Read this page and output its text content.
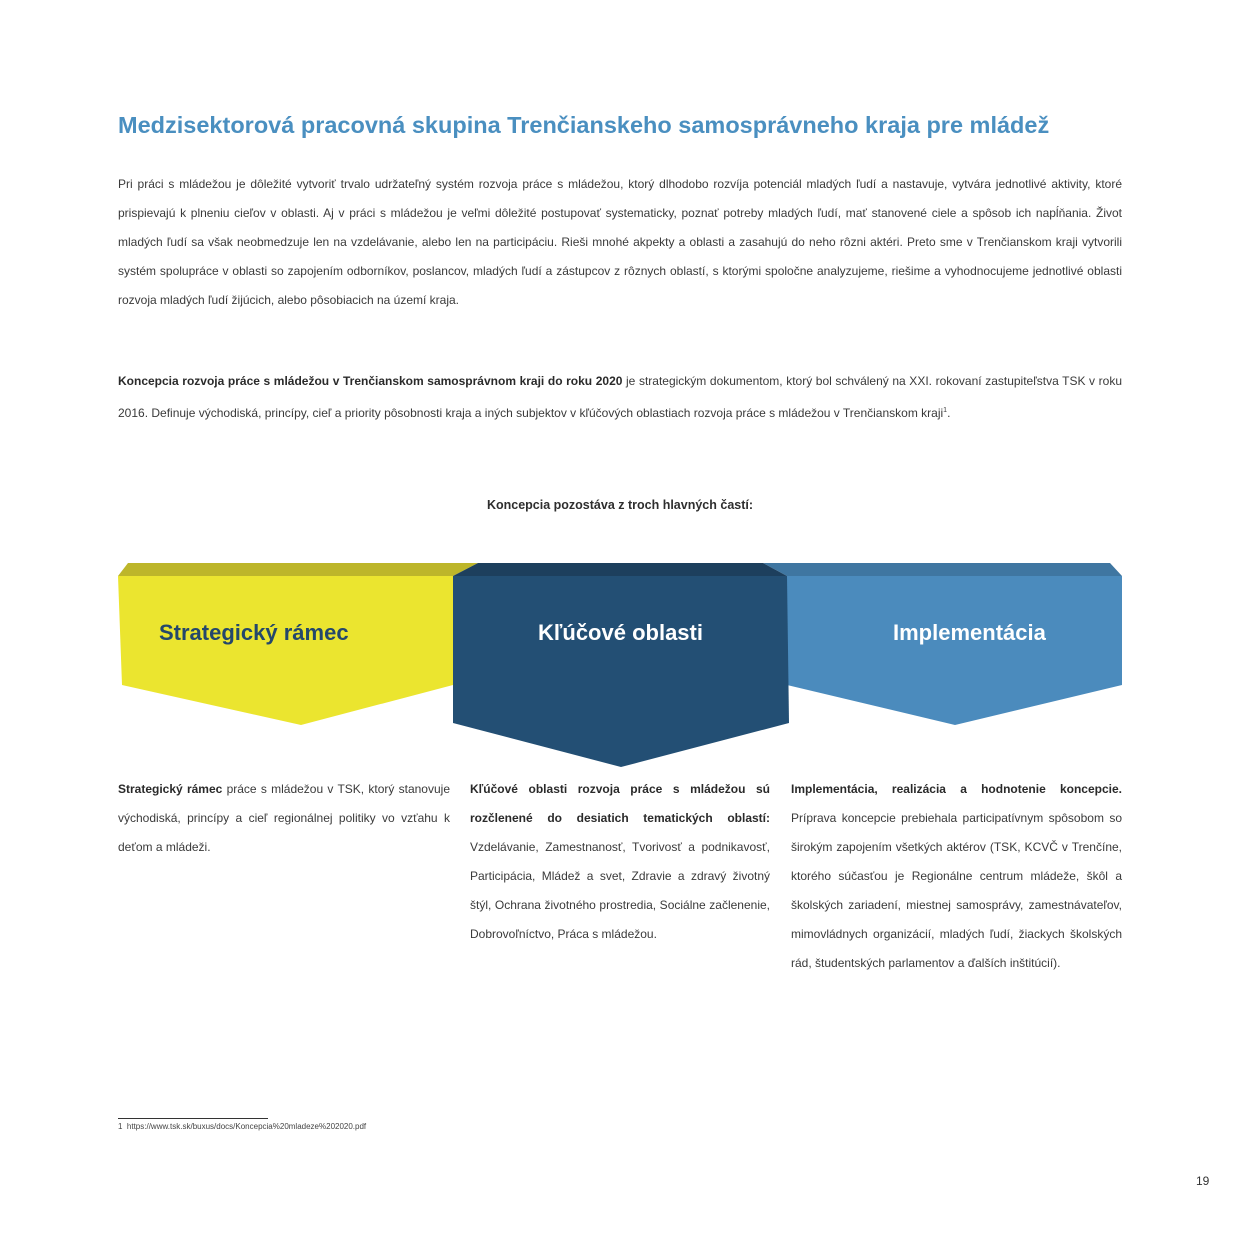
Medzisektorová pracovná skupina Trenčianskeho samosprávneho kraja pre mládež

Pri práci s mládežou je dôležité vytvoriť trvalo udržateľný systém rozvoja práce s mládežou, ktorý dlhodobo rozvíja potenciál mladých ľudí a nastavuje, vytvára jednotlivé aktivity, ktoré prispievajú k plneniu cieľov v oblasti. Aj v práci s mládežou je veľmi dôležité postupovať systematicky, poznať potreby mladých ľudí, mať stanovené ciele a spôsob ich napĺňania. Život mladých ľudí sa však neobmedzuje len na vzdelávanie, alebo len na participáciu. Rieši mnohé akpekty a oblasti a zasahujú do neho rôzni aktéri. Preto sme v Trenčianskom kraji vytvorili systém spolupráce v oblasti so zapojením odborníkov, poslancov, mladých ľudí a zástupcov z rôznych oblastí, s ktorými spoločne analyzujeme, riešime a vyhodnocujeme jednotlivé oblasti rozvoja mladých ľudí žijúcich, alebo pôsobiacich na území kraja.

Koncepcia rozvoja práce s mládežou v Trenčianskom samosprávnom kraji do roku 2020 je strategickým dokumentom, ktorý bol schválený na XXI. rokovaní zastupiteľstva TSK v roku 2016. Definuje východiská, princípy, cieľ a priority pôsobnosti kraja a iných subjektov v kľúčových oblastiach rozvoja práce s mládežou v Trenčianskom kraji$^1$.

Koncepcia pozostáva z troch hlavných častí:

Strategický rámec	Kľúčové oblasti	Implementácia

Strategický rámec práce s mládežou v TSK, ktorý stanovuje východiská, princípy a cieľ regionálnej politiky vo vzťahu k deťom a mládeži.

Kľúčové oblasti rozvoja práce s mládežou sú rozčlenené do desiatich tematických oblastí: Vzdelávanie, Zamestnanosť, Tvorivosť a podnikavosť, Participácia, Mládež a svet, Zdravie a zdravý životný štýl, Ochrana životného prostredia, Sociálne začlenenie, Dobrovoľníctvo, Práca s mládežou.

Implementácia, realizácia a hodnotenie koncepcie. Príprava koncepcie prebiehala participatívnym spôsobom so širokým zapojením všetkých aktérov (TSK, KCVČ v Trenčíne, ktorého súčasťou je Regionálne centrum mládeže, škôl a školských zariadení, miestnej samosprávy, zamestnávateľov, mimovládnych organizácií, mladých ľudí, žiackych školských rád, študentských parlamentov a ďalších inštitúcií).

1 https://www.tsk.sk/buxus/docs/Koncepcia%20mladeze%202020.pdf

19
